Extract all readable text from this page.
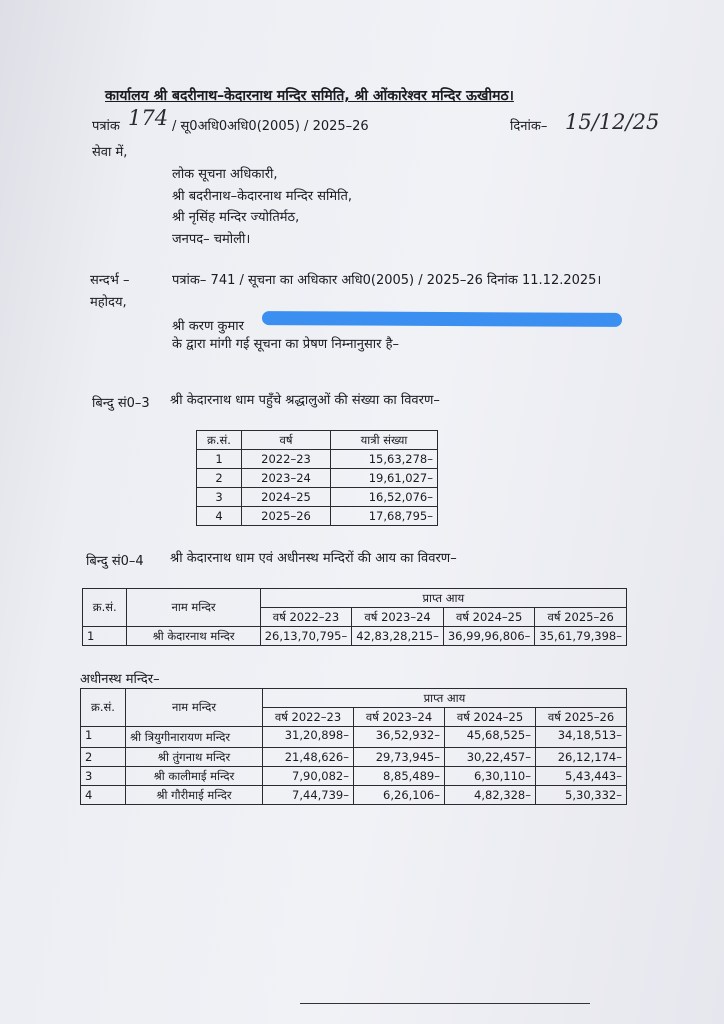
कार्यालय श्री बदरीनाथ–केदारनाथ मन्दिर समिति, श्री ओंकारेश्वर मन्दिर ऊखीमठ।
पत्रांक 174 / सू0अधि0अधि0(2005) / 2025–26	दिनांक– 15/12/25
सेवा में,
लोक सूचना अधिकारी,
श्री बदरीनाथ–केदारनाथ मन्दिर समिति,
श्री नृसिंह मन्दिर ज्योतिर्मठ,
जनपद– चमोली।
सन्दर्भ –	पत्रांक– 741 / सूचना का अधिकार अधि0(2005) / 2025–26 दिनांक 11.12.2025।
महोदय,
श्री करण कुमार
के द्वारा मांगी गई सूचना का प्रेषण निम्नानुसार है–
बिन्दु सं0–3 श्री केदारनाथ धाम पहुँचे श्रद्धालुओं की संख्या का विवरण–
क्र.सं.	वर्ष	यात्री संख्या
1	2022–23	15,63,278–
2	2023–24	19,61,027–
3	2024–25	16,52,076–
4	2025–26	17,68,795–
बिन्दु सं0–4 श्री केदारनाथ धाम एवं अधीनस्थ मन्दिरों की आय का विवरण–
क्र.सं.	नाम मन्दिर	प्राप्त आय			
		वर्ष 2022–23	वर्ष 2023–24	वर्ष 2024–25	वर्ष 2025–26
1	श्री केदारनाथ मन्दिर	26,13,70,795–	42,83,28,215–	36,99,96,806–	35,61,79,398–
अधीनस्थ मन्दिर–
क्र.सं.	नाम मन्दिर	प्राप्त आय			
		वर्ष 2022–23	वर्ष 2023–24	वर्ष 2024–25	वर्ष 2025–26
1	श्री त्रियुगीनारायण मन्दिर	31,20,898–	36,52,932–	45,68,525–	34,18,513–
2	श्री तुंगनाथ मन्दिर	21,48,626–	29,73,945–	30,22,457–	26,12,174–
3	श्री कालीमाई मन्दिर	7,90,082–	8,85,489–	6,30,110–	5,43,443–
4	श्री गौरीमाई मन्दिर	7,44,739–	6,26,106–	4,82,328–	5,30,332–
